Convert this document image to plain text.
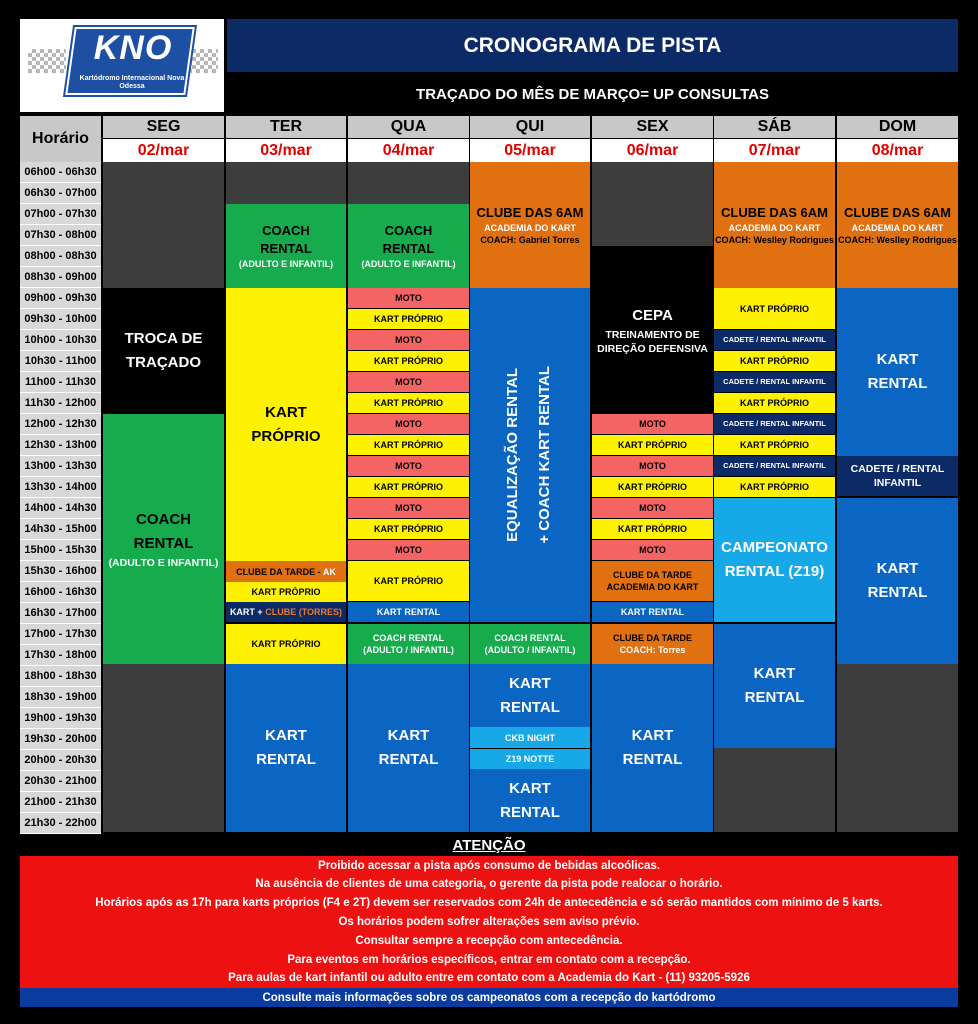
KNO
Kartódromo Internacional Nova Odessa
CRONOGRAMA DE PISTA
TRAÇADO DO MÊS DE MARÇO= UP CONSULTAS
Horário
SEG
02/mar
TER
03/mar
QUA
04/mar
QUI
05/mar
SEX
06/mar
SÁB
07/mar
DOM
08/mar
06h00 - 06h30
06h30 - 07h00
07h00 - 07h30
07h30 - 08h00
08h00 - 08h30
08h30 - 09h00
09h00 - 09h30
09h30 - 10h00
10h00 - 10h30
10h30 - 11h00
11h00 - 11h30
11h30 - 12h00
12h00 - 12h30
12h30 - 13h00
13h00 - 13h30
13h30 - 14h00
14h00 - 14h30
14h30 - 15h00
15h00 - 15h30
15h30 - 16h00
16h00 - 16h30
16h30 - 17h00
17h00 - 17h30
17h30 - 18h00
18h00 - 18h30
18h30 - 19h00
19h00 - 19h30
19h30 - 20h00
20h00 - 20h30
20h30 - 21h00
21h00 - 21h30
21h30 - 22h00
TROCA DE
TRAÇADO
COACH
RENTAL
(ADULTO E INFANTIL)
COACH
RENTAL
(ADULTO E INFANTIL)
KART
PRÓPRIO
CLUBE DA TARDE - AK
KART PRÓPRIO
KART + CLUBE (TORRES)
KART PRÓPRIO
KART
RENTAL
COACH
RENTAL
(ADULTO E INFANTIL)
MOTO
KART PRÓPRIO
MOTO
KART PRÓPRIO
MOTO
KART PRÓPRIO
MOTO
KART PRÓPRIO
MOTO
KART PRÓPRIO
MOTO
KART PRÓPRIO
MOTO
KART PRÓPRIO
KART RENTAL
COACH RENTAL
(ADULTO / INFANTIL)
KART
RENTAL
CLUBE DAS 6AM
ACADEMIA DO KART
COACH: Gabriel Torres
EQUALIZAÇÃO RENTAL + COACH KART RENTAL
COACH RENTAL
(ADULTO / INFANTIL)
KART
RENTAL
CKB NIGHT
Z19 NOTTE
KART
RENTAL
CEPA
TREINAMENTO DE
DIREÇÃO DEFENSIVA
MOTO
KART PRÓPRIO
MOTO
KART PRÓPRIO
MOTO
KART PRÓPRIO
MOTO
CLUBE DA TARDE
ACADEMIA DO KART
KART RENTAL
CLUBE DA TARDE
COACH: Torres
KART
RENTAL
CLUBE DAS 6AM
ACADEMIA DO KART
COACH: Weslley Rodrigues
KART PRÓPRIO
CADETE / RENTAL INFANTIL
KART PRÓPRIO
CADETE / RENTAL INFANTIL
KART PRÓPRIO
CADETE / RENTAL INFANTIL
KART PRÓPRIO
CADETE / RENTAL INFANTIL
KART PRÓPRIO
CAMPEONATO
RENTAL (Z19)
KART
RENTAL
CLUBE DAS 6AM
ACADEMIA DO KART
COACH: Weslley Rodrigues
KART
RENTAL
CADETE / RENTAL
INFANTIL
KART
RENTAL
ATENÇÃO
Proibido acessar a pista após consumo de bebidas alcoólicas.
Na ausência de clientes de uma categoria, o gerente da pista pode realocar o horário.
Horários após as 17h para karts próprios (F4 e 2T) devem ser reservados com 24h de antecedência e só serão mantidos com mínimo de 5 karts.
Os horários podem sofrer alterações sem aviso prévio.
Consultar sempre a recepção com antecedência.
Para eventos em horários específicos, entrar em contato com a recepção.
Para aulas de kart infantil ou adulto entre em contato com a Academia do Kart - (11) 93205-5926
Consulte mais informações sobre os campeonatos com a recepção do kartódromo
